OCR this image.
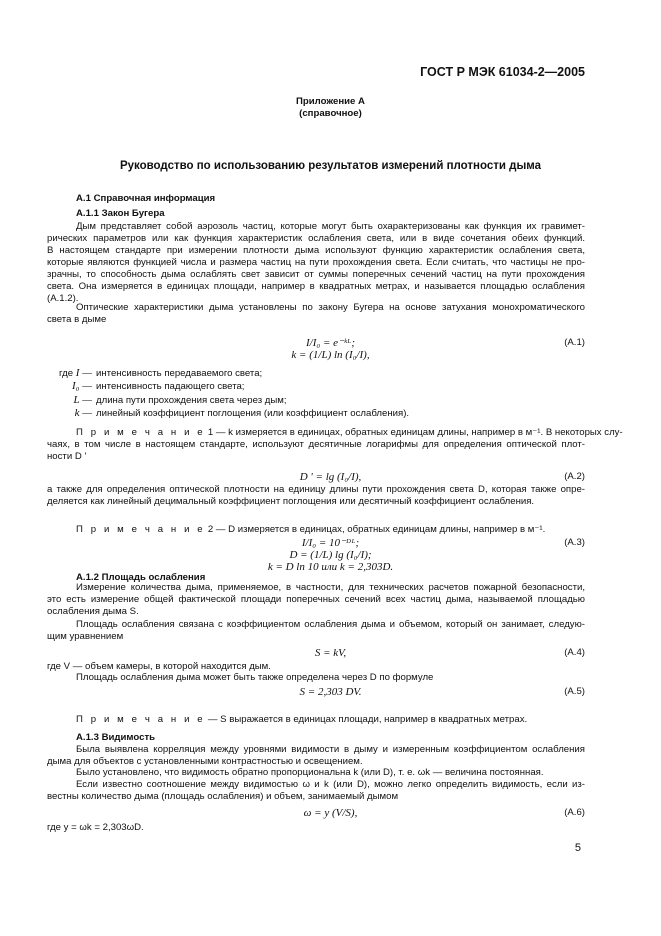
ГОСТ Р МЭК 61034-2—2005
Приложение А
(справочное)
Руководство по использованию результатов измерений плотности дыма
А.1 Справочная информация
А.1.1 Закон Бугера
Дым представляет собой аэрозоль частиц, которые могут быть охарактеризованы как функция их гравимет-
рических параметров или как функция характеристик ослабления света, или в виде сочетания обеих функций.
В настоящем стандарте при измерении плотности дыма используют функцию характеристик ослабления света,
которые являются функцией числа и размера частиц на пути прохождения света. Если считать, что частицы не про-
зрачны, то способность дыма ослаблять свет зависит от суммы поперечных сечений частиц на пути прохождения
света. Она измеряется в единицах площади, например в квадратных метрах, и называется площадью ослабления
(А.1.2).
Оптические характеристики дыма установлены по закону Бугера на основе затухания монохроматического
света в дыме
I/I₀ = e⁻ᵏᴸ;
k = (1/L) ln (I₀/I),
(А.1)
где I — интенсивность передаваемого света;
I₀ — интенсивность падающего света;
L — длина пути прохождения света через дым;
k — линейный коэффициент поглощения (или коэффициент ослабления).
П р и м е ч а н и е 1 — k измеряется в единицах, обратных единицам длины, например в м⁻¹. В некоторых слу-
чаях, в том числе в настоящем стандарте, используют десятичные логарифмы для определения оптической плот-
ности D '
D ' = lg (I₀/I),	(А.2)
а также для определения оптической плотности на единицу длины пути прохождения света D, которая также опре-
деляется как линейный децимальный коэффициент поглощения или десятичный коэффициент ослабления.
П р и м е ч а н и е 2 — D измеряется в единицах, обратных единицам длины, например в м⁻¹.
I/I₀ = 10⁻ᴰᴸ;
D = (1/L) lg (I₀/I);
k = D ln 10 или k = 2,303D.
(А.3)
А.1.2 Площадь ослабления
Измерение количества дыма, применяемое, в частности, для технических расчетов пожарной безопасности,
это есть измерение общей фактической площади поперечных сечений всех частиц дыма, называемой площадью
ослабления дыма S.
Площадь ослабления связана с коэффициентом ослабления дыма и объемом, который он занимает, следую-
щим уравнением
S = kV,	(А.4)
где V — объем камеры, в которой находится дым.
Площадь ослабления дыма может быть также определена через D по формуле
S = 2,303 DV.	(А.5)
П р и м е ч а н и е — S выражается в единицах площади, например в квадратных метрах.
А.1.3 Видимость
Была выявлена корреляция между уровнями видимости в дыму и измеренным коэффициентом ослабления
дыма для объектов с установленными контрастностью и освещением.
Было установлено, что видимость обратно пропорциональна k (или D), т. е. ωk — величина постоянная.
Если известно соотношение между видимостью ω и k (или D), можно легко определить видимость, если из-
вестны количество дыма (площадь ослабления) и объем, занимаемый дымом
ω = y (V/S),	(А.6)
где y = ωk = 2,303ωD.
5
